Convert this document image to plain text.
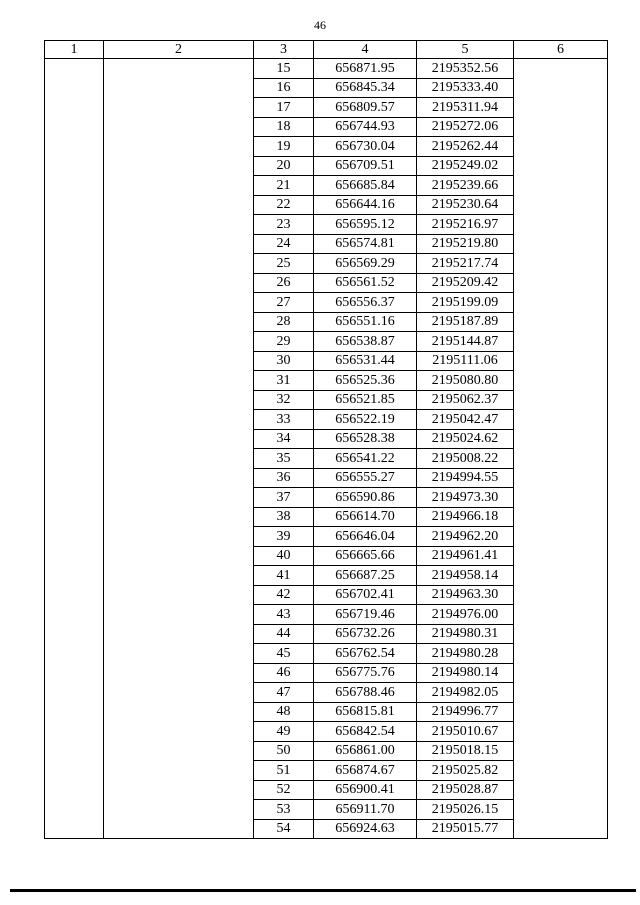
46
1	2	3	4	5	6
		15	656871.95	2195352.56	
		16	656845.34	2195333.40	
		17	656809.57	2195311.94	
		18	656744.93	2195272.06	
		19	656730.04	2195262.44	
		20	656709.51	2195249.02	
		21	656685.84	2195239.66	
		22	656644.16	2195230.64	
		23	656595.12	2195216.97	
		24	656574.81	2195219.80	
		25	656569.29	2195217.74	
		26	656561.52	2195209.42	
		27	656556.37	2195199.09	
		28	656551.16	2195187.89	
		29	656538.87	2195144.87	
		30	656531.44	2195111.06	
		31	656525.36	2195080.80	
		32	656521.85	2195062.37	
		33	656522.19	2195042.47	
		34	656528.38	2195024.62	
		35	656541.22	2195008.22	
		36	656555.27	2194994.55	
		37	656590.86	2194973.30	
		38	656614.70	2194966.18	
		39	656646.04	2194962.20	
		40	656665.66	2194961.41	
		41	656687.25	2194958.14	
		42	656702.41	2194963.30	
		43	656719.46	2194976.00	
		44	656732.26	2194980.31	
		45	656762.54	2194980.28	
		46	656775.76	2194980.14	
		47	656788.46	2194982.05	
		48	656815.81	2194996.77	
		49	656842.54	2195010.67	
		50	656861.00	2195018.15	
		51	656874.67	2195025.82	
		52	656900.41	2195028.87	
		53	656911.70	2195026.15	
		54	656924.63	2195015.77	
